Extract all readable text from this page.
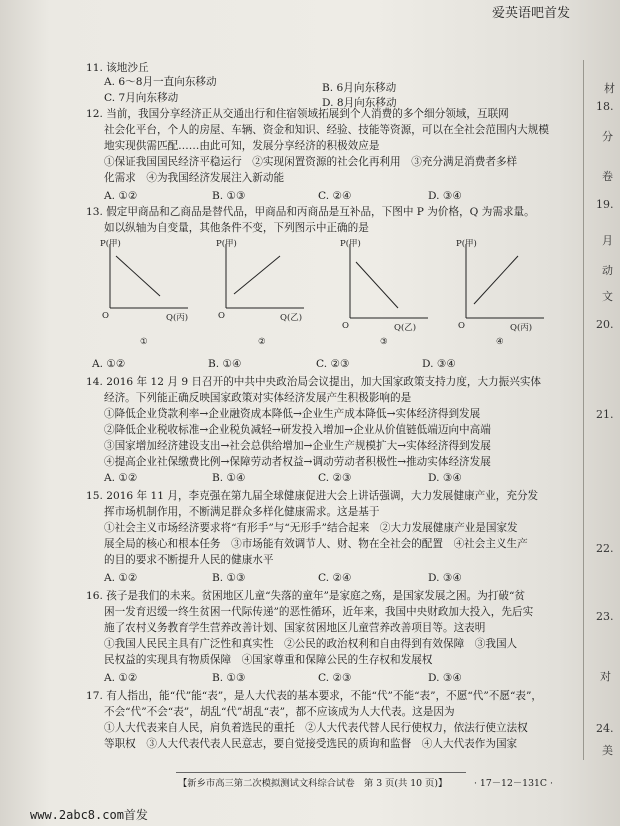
爱英语吧首发
材
18.
分
卷
19.
月
动
文
20.
21.
22.
23.
对
24.
美
11. 该地沙丘
A. 6～8月一直向东移动	B. 6月向东移动
C. 7月向东移动	D. 8月向东移动
12. 当前，我国分享经济正从交通出行和住宿领域拓展到个人消费的多个细分领域，互联网
社会化平台，个人的房屋、车辆、资金和知识、经验、技能等资源，可以在全社会范围内大规模
地实现供需匹配……由此可知，发展分享经济的积极效应是
①保证我国国民经济平稳运行　②实现闲置资源的社会化再利用　③充分满足消费者多样
化需求　④为我国经济发展注入新动能
A. ①②	B. ①③	C. ②④	D. ③④
13. 假定甲商品和乙商品是替代品，甲商品和丙商品是互补品，下图中 P 为价格，Q 为需求量。
如以纵轴为自变量，其他条件不变，下列图示中正确的是
P(甲)
O	Q(丙)
①
P(甲)
O	Q(乙)
②
P(甲)
O	Q(乙)
③
P(甲)
O	Q(丙)
④
A. ①②	B. ①④	C. ②③	D. ③④
14. 2016 年 12 月 9 日召开的中共中央政治局会议提出，加大国家政策支持力度，大力振兴实体
经济。下列能正确反映国家政策对实体经济发展产生积极影响的是
①降低企业贷款利率→企业融资成本降低→企业生产成本降低→实体经济得到发展
②降低企业税收标准→企业税负减轻→研发投入增加→企业从价值链低端迈向中高端
③国家增加经济建设支出→社会总供给增加→企业生产规模扩大→实体经济得到发展
④提高企业社保缴费比例→保障劳动者权益→调动劳动者积极性→推动实体经济发展
A. ①②	B. ①④	C. ②③	D. ③④
15. 2016 年 11 月，李克强在第九届全球健康促进大会上讲话强调，大力发展健康产业，充分发
挥市场机制作用，不断满足群众多样化健康需求。这是基于
①社会主义市场经济要求将“有形手”与“无形手”结合起来　②大力发展健康产业是国家发
展全局的核心和根本任务　③市场能有效调节人、财、物在全社会的配置　④社会主义生产
的目的要求不断提升人民的健康水平
A. ①②	B. ①③	C. ②④	D. ③④
16. 孩子是我们的未来。贫困地区儿童“失落的童年”是家庭之殇，是国家发展之困。为打破“贫
困一发育迟缓一终生贫困一代际传递”的恶性循环，近年来，我国中央财政加大投入，先后实
施了农村义务教育学生营养改善计划、国家贫困地区儿童营养改善项目等。这表明
①我国人民民主具有广泛性和真实性　②公民的政治权利和自由得到有效保障　③我国人
民权益的实现具有物质保障　④国家尊重和保障公民的生存权和发展权
A. ①②	B. ①③	C. ②③	D. ③④
17. 有人指出，能“代”能“表”，是人大代表的基本要求，不能“代”不能“表”，不愿“代”不愿“表”，
不会“代”不会“表”，胡乱“代”胡乱“表”，都不应该成为人大代表。这是因为
①人大代表来自人民，肩负着选民的重托　②人大代表代替人民行使权力，依法行使立法权
等职权　③人大代表代表人民意志，要自觉接受选民的质询和监督　④人大代表作为国家
【新乡市高三第二次模拟测试文科综合试卷　第 3 页(共 10 页)】	· 17－12－131C ·
www.2abc8.com首发
